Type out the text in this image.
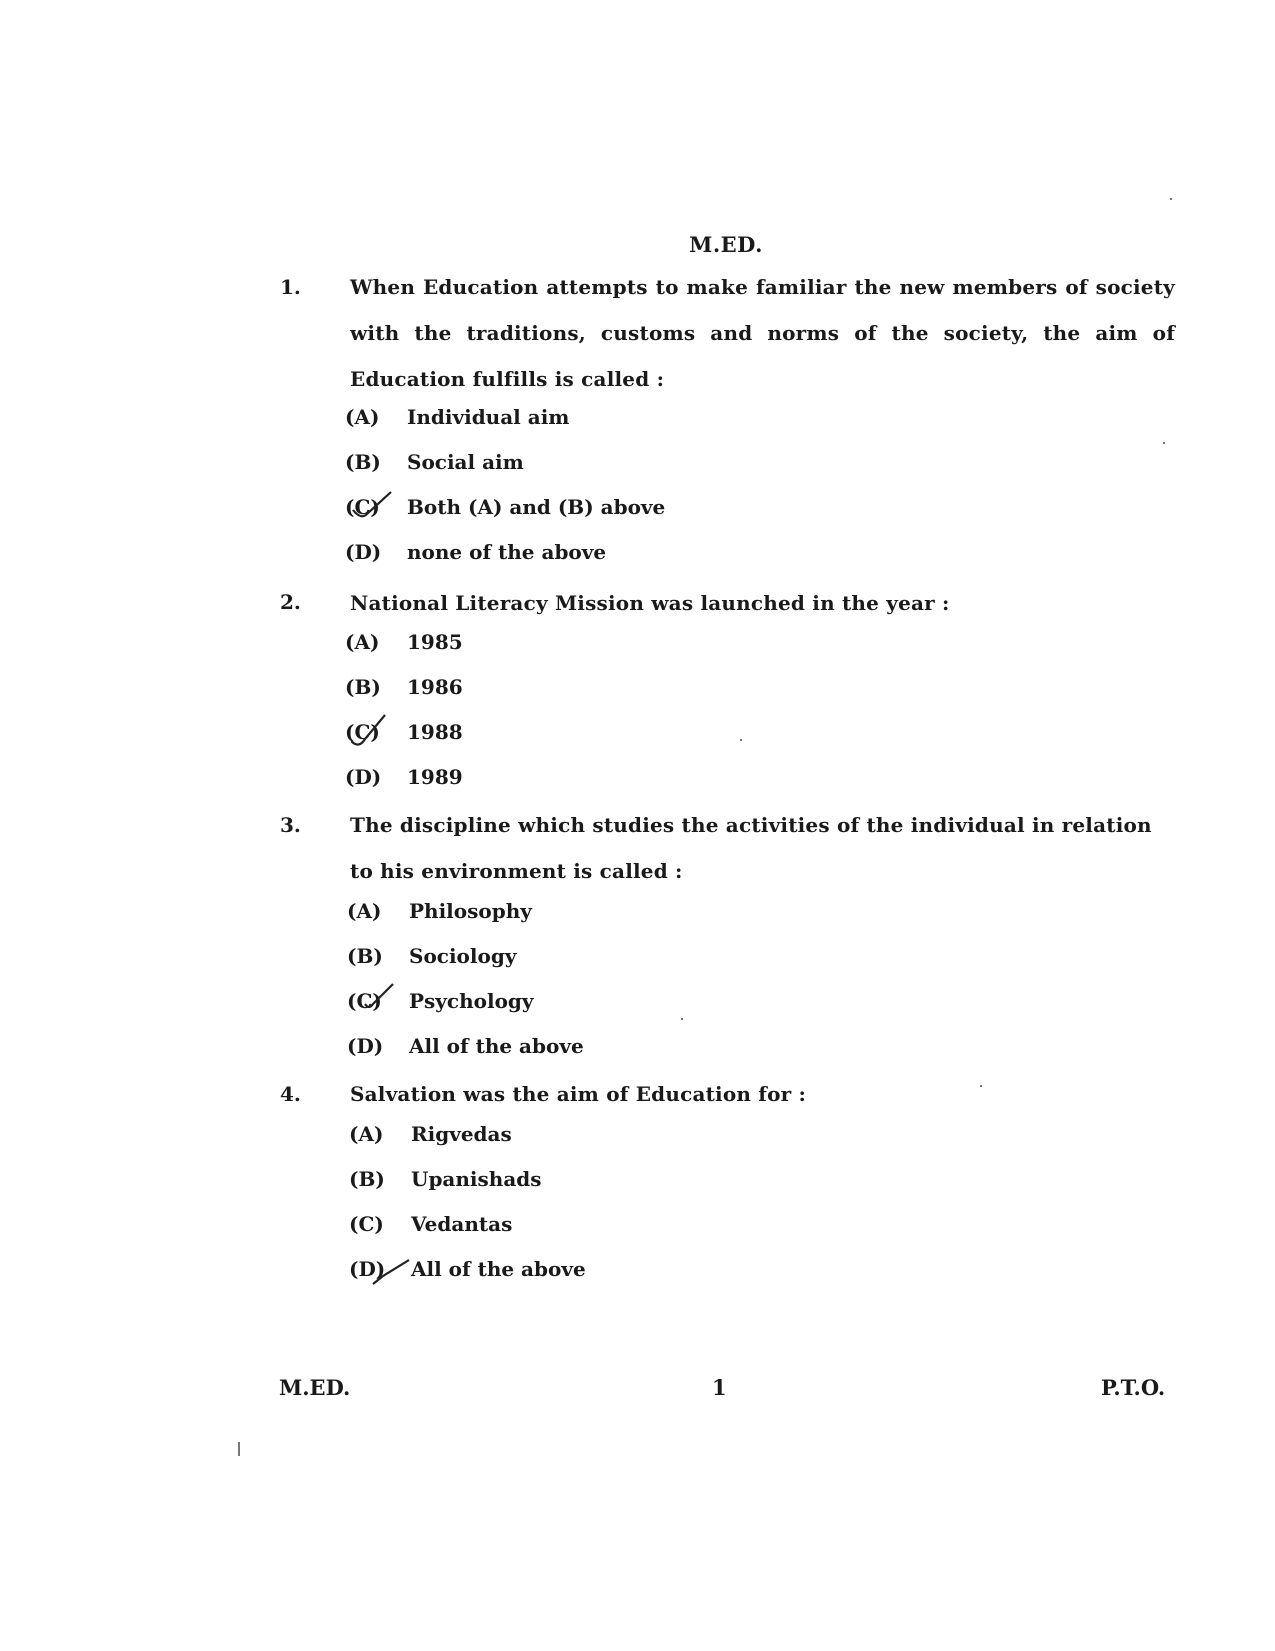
M.ED.
1. When Education attempts to make familiar the new members of society with the traditions, customs and norms of the society, the aim of Education fulfills is called :
(A)	Individual aim
(B)	Social aim
(C)	Both (A) and (B) above
(D)	none of the above
2. National Literacy Mission was launched in the year :
(A)	1985
(B)	1986
(C)	1988
(D)	1989
3. The discipline which studies the activities of the individual in relation to his environment is called :
(A)	Philosophy
(B)	Sociology
(C)	Psychology
(D)	All of the above
4. Salvation was the aim of Education for :
(A)	Rigvedas
(B)	Upanishads
(C)	Vedantas
(D)	All of the above
M.ED.	1	P.T.O.
